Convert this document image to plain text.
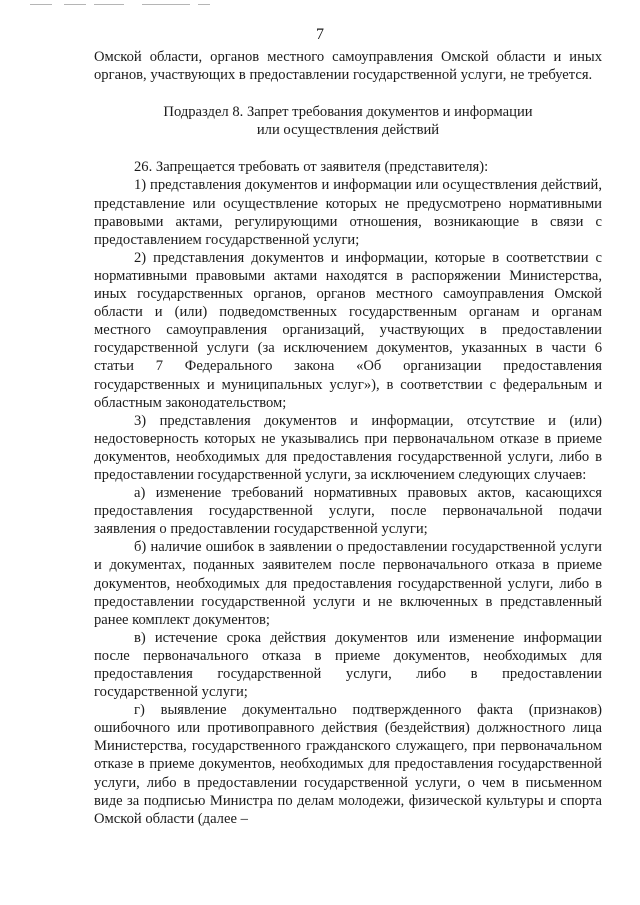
7

Омской области, органов местного самоуправления Омской области и иных органов, участвующих в предоставлении государственной услуги, не требуется.

Подраздел 8. Запрет требования документов и информации
или осуществления действий

26. Запрещается требовать от заявителя (представителя):

1) представления документов и информации или осуществления действий, представление или осуществление которых не предусмотрено нормативными правовыми актами, регулирующими отношения, возникающие в связи с предоставлением государственной услуги;

2) представления документов и информации, которые в соответствии с нормативными правовыми актами находятся в распоряжении Министерства, иных государственных органов, органов местного самоуправления Омской области и (или) подведомственных государственным органам и органам местного самоуправления организаций, участвующих в предоставлении государственной услуги (за исключением документов, указанных в части 6 статьи 7 Федерального закона «Об организации предоставления государственных и муниципальных услуг»), в соответствии с федеральным и областным законодательством;

3) представления документов и информации, отсутствие и (или) недостоверность которых не указывались при первоначальном отказе в приеме документов, необходимых для предоставления государственной услуги, либо в предоставлении государственной услуги, за исключением следующих случаев:

а) изменение требований нормативных правовых актов, касающихся предоставления государственной услуги, после первоначальной подачи заявления о предоставлении государственной услуги;

б) наличие ошибок в заявлении о предоставлении государственной услуги и документах, поданных заявителем после первоначального отказа в приеме документов, необходимых для предоставления государственной услуги, либо в предоставлении государственной услуги и не включенных в представленный ранее комплект документов;

в) истечение срока действия документов или изменение информации после первоначального отказа в приеме документов, необходимых для предоставления государственной услуги, либо в предоставлении государственной услуги;

г) выявление документально подтвержденного факта (признаков) ошибочного или противоправного действия (бездействия) должностного лица Министерства, государственного гражданского служащего, при первоначальном отказе в приеме документов, необходимых для предоставления государственной услуги, либо в предоставлении государственной услуги, о чем в письменном виде за подписью Министра по делам молодежи, физической культуры и спорта Омской области (далее –
